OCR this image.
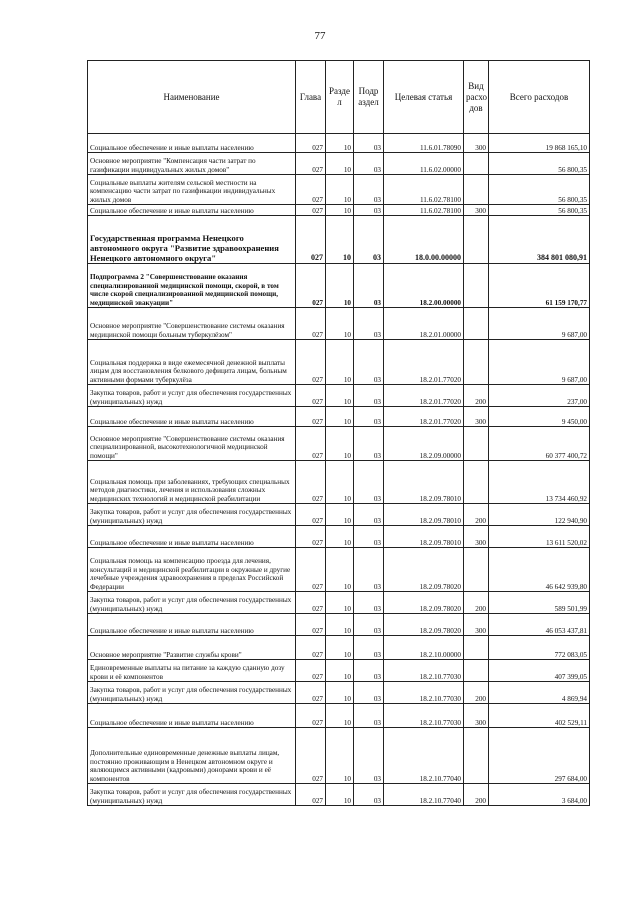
77
Наименование	Глава	Разде л	Подр аздел	Целевая статья	Вид расхо дов	Всего расходов
Социальное обеспечение и иные выплаты населению	027	10	03	11.6.01.78090	300	19 868 165,10
Основное мероприятие "Компенсация части затрат по газификации индивидуальных жилых домов"	027	10	03	11.6.02.00000		56 800,35
Социальные выплаты жителям сельской местности на компенсацию части затрат по газификации индивидуальных жилых домов	027	10	03	11.6.02.78100		56 800,35
Социальное обеспечение и иные выплаты населению	027	10	03	11.6.02.78100	300	56 800,35
Государственная программа Ненецкого автономного округа "Развитие здравоохранения Ненецкого автономного округа"	027	10	03	18.0.00.00000		384 801 080,91
Подпрограмма 2 "Совершенствование оказания специализированной медицинской помощи, скорой, в том числе скорой специализированной медицинской помощи, медицинской эвакуации"	027	10	03	18.2.00.00000		61 159 170,77
Основное мероприятие "Совершенствование системы оказания медицинской помощи больным туберкулёзом"	027	10	03	18.2.01.00000		9 687,00
Социальная поддержка в виде ежемесячной денежной выплаты лицам для восстановления белкового дефицита лицам, больным активными формами туберкулёза	027	10	03	18.2.01.77020		9 687,00
Закупка товаров, работ и услуг для обеспечения государственных (муниципальных) нужд	027	10	03	18.2.01.77020	200	237,00
Социальное обеспечение и иные выплаты населению	027	10	03	18.2.01.77020	300	9 450,00
Основное мероприятие "Совершенствование системы оказания специализированной, высокотехнологичной медицинской помощи"	027	10	03	18.2.09.00000		60 377 400,72
Социальная помощь при заболеваниях, требующих специальных методов диагностики, лечения и использования сложных медицинских технологий и медицинской реабилитации	027	10	03	18.2.09.78010		13 734 460,92
Закупка товаров, работ и услуг для обеспечения государственных (муниципальных) нужд	027	10	03	18.2.09.78010	200	122 940,90
Социальное обеспечение и иные выплаты населению	027	10	03	18.2.09.78010	300	13 611 520,02
Социальная помощь на компенсацию проезда для лечения, консультаций и медицинской реабилитации в окружные и другие лечебные учреждения здравоохранения в пределах Российской Федерации	027	10	03	18.2.09.78020		46 642 939,80
Закупка товаров, работ и услуг для обеспечения государственных (муниципальных) нужд	027	10	03	18.2.09.78020	200	589 501,99
Социальное обеспечение и иные выплаты населению	027	10	03	18.2.09.78020	300	46 053 437,81
Основное мероприятие "Развитие службы крови"	027	10	03	18.2.10.00000		772 083,05
Единовременные выплаты на питание за каждую сданную дозу крови и её компонентов	027	10	03	18.2.10.77030		407 399,05
Закупка товаров, работ и услуг для обеспечения государственных (муниципальных) нужд	027	10	03	18.2.10.77030	200	4 869,94
Социальное обеспечение и иные выплаты населению	027	10	03	18.2.10.77030	300	402 529,11
Дополнительные единовременные денежные выплаты лицам, постоянно проживающим в Ненецком автономном округе и являющимся активными (кадровыми) донорами крови и её компонентов	027	10	03	18.2.10.77040		297 684,00
Закупка товаров, работ и услуг для обеспечения государственных (муниципальных) нужд	027	10	03	18.2.10.77040	200	3 684,00
